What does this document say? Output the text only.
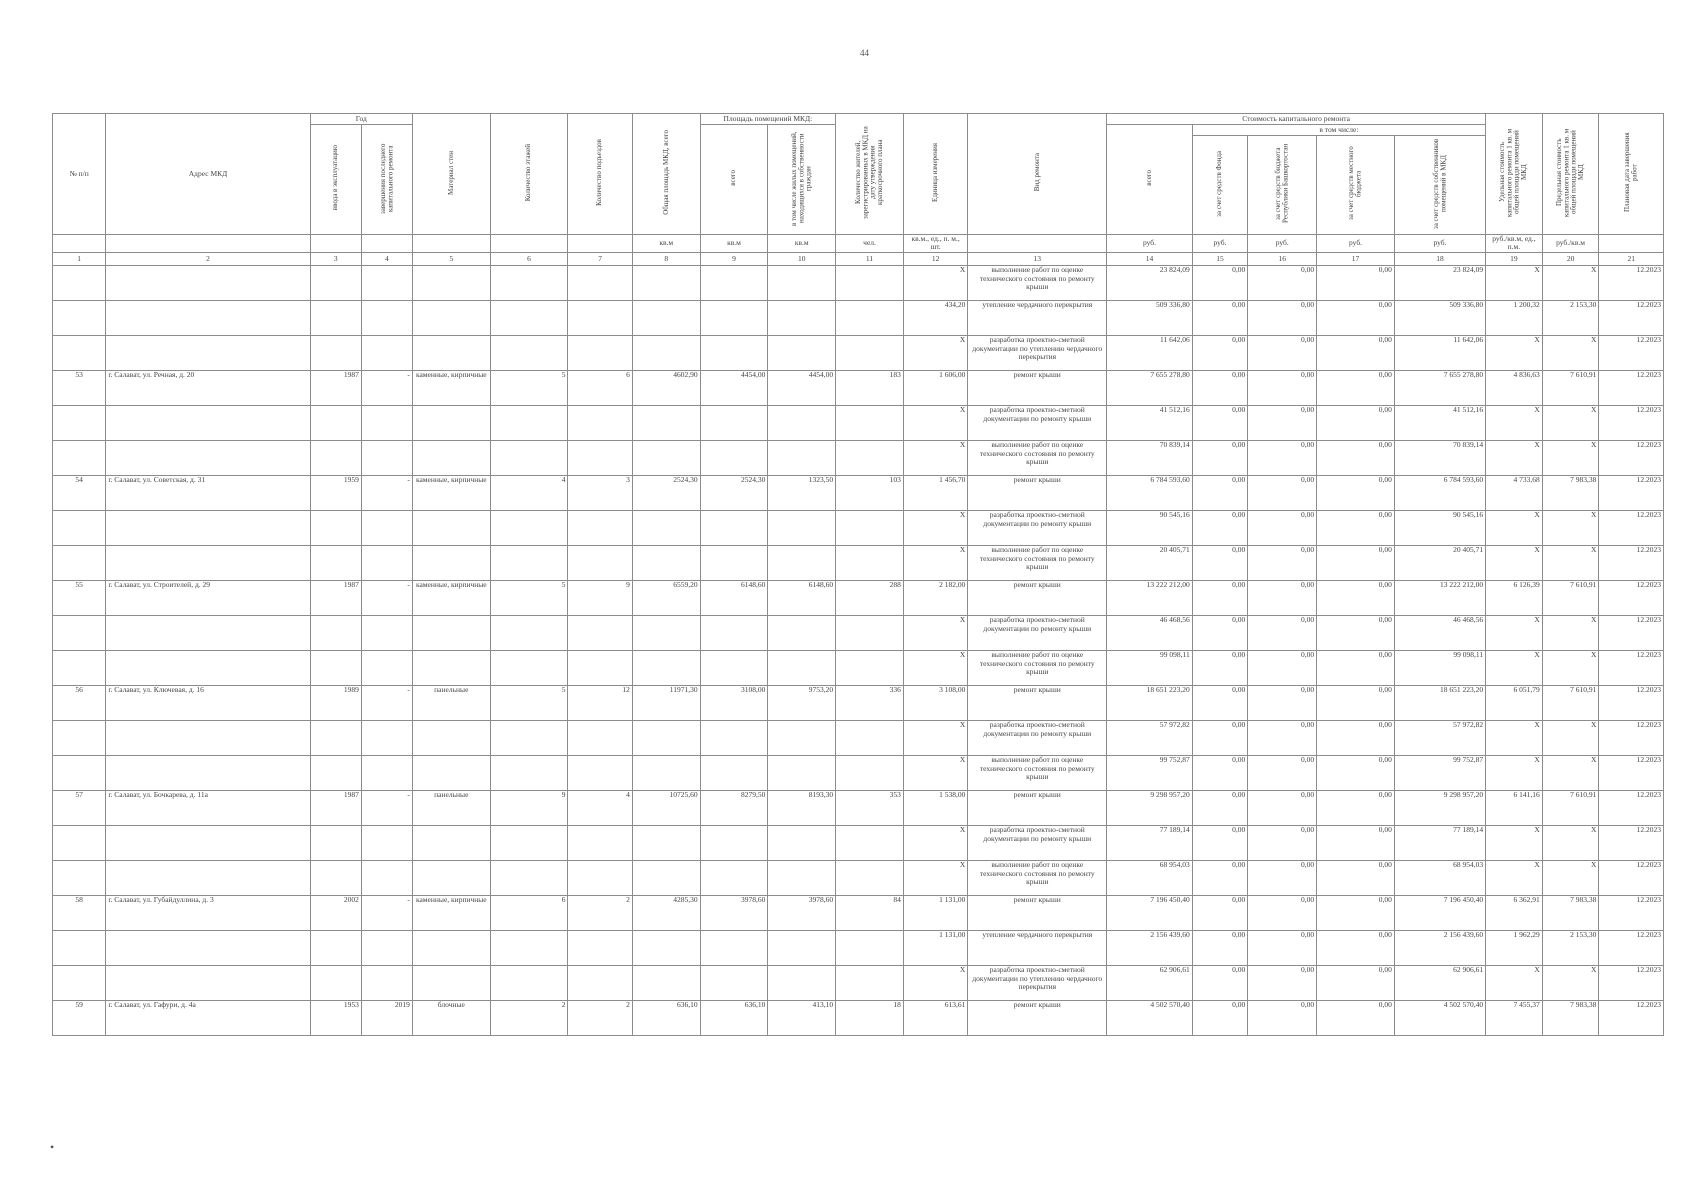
44
•
№ п/п	Адрес МКД	Год		Материал стен	Количество этажей	Количество подъездов	Общая площадь МКД, всего	Площадь помещений МКД:		Количество жителей, зарегистрированных в МКД на дату утверждения краткосрочного плана	Единица измерения	Вид ремонта	Стоимость капитального ремонта					Удельная стоимость капитального ремонта 1 кв. м общей площади помещений МКД	Предельная стоимость капитального ремонта 1 кв. м общей площади помещений МКД	Плановая дата завершения работ
		ввода в эксплуатацию	завершения последнего капитального ремонта					всего	в том числе жилых помещений, находящихся в собственности граждан				всего	в том числе:						
														за счет средств Фонда	за счет средств бюджета Республики Башкортостан	за счет средств местного бюджета	за счет средств собственников помещений в МКД			
							кв.м	кв.м	кв.м	чел.	кв.м., ед., п. м., шт.		руб.	руб.	руб.	руб.	руб.	руб./кв.м, ед., п.м.	руб./кв.м	
1	2	3	4	5	6	7	8	9	10	11	12	13	14	15	16	17	18	19	20	21
											X	выполнение работ по оценке технического состояния по ремонту крыши	23 824,09	0,00	0,00	0,00	23 824,09	X	X	12.2023
											434,20	утепление чердачного перекрытия	509 336,80	0,00	0,00	0,00	509 336,80	1 200,32	2 153,30	12.2023
											X	разработка проектно-сметной документации по утеплению чердачного перекрытия	11 642,06	0,00	0,00	0,00	11 642,06	X	X	12.2023
53	г. Салават, ул. Речная, д. 20	1987	-	каменные, кирпичные	5	6	4602,90	4454,00	4454,00	183	1 606,00	ремонт крыши	7 655 278,80	0,00	0,00	0,00	7 655 278,80	4 836,63	7 610,91	12.2023
											X	разработка проектно-сметной документации по ремонту крыши	41 512,16	0,00	0,00	0,00	41 512,16	X	X	12.2023
											X	выполнение работ по оценке технического состояния по ремонту крыши	70 839,14	0,00	0,00	0,00	70 839,14	X	X	12.2023
54	г. Салават, ул. Советская, д. 31	1959	-	каменные, кирпичные	4	3	2524,30	2524,30	1323,50	103	1 456,70	ремонт крыши	6 784 593,60	0,00	0,00	0,00	6 784 593,60	4 733,68	7 983,38	12.2023
											X	разработка проектно-сметной документации по ремонту крыши	90 545,16	0,00	0,00	0,00	90 545,16	X	X	12.2023
											X	выполнение работ по оценке технического состояния по ремонту крыши	20 405,71	0,00	0,00	0,00	20 405,71	X	X	12.2023
55	г. Салават, ул. Строителей, д. 29	1987	-	каменные, кирпичные	5	9	6559,20	6148,60	6148,60	288	2 182,00	ремонт крыши	13 222 212,00	0,00	0,00	0,00	13 222 212,00	6 126,39	7 610,91	12.2023
											X	разработка проектно-сметной документации по ремонту крыши	46 468,56	0,00	0,00	0,00	46 468,56	X	X	12.2023
											X	выполнение работ по оценке технического состояния по ремонту крыши	99 098,11	0,00	0,00	0,00	99 098,11	X	X	12.2023
56	г. Салават, ул. Ключевая, д. 16	1989	-	панельные	5	12	11971,30	3108,00	9753,20	336	3 108,00	ремонт крыши	18 651 223,20	0,00	0,00	0,00	18 651 223,20	6 051,79	7 610,91	12.2023
											X	разработка проектно-сметной документации по ремонту крыши	57 972,82	0,00	0,00	0,00	57 972,82	X	X	12.2023
											X	выполнение работ по оценке технического состояния по ремонту крыши	99 752,87	0,00	0,00	0,00	99 752,87	X	X	12.2023
57	г. Салават, ул. Бочкарева, д. 11а	1987	-	панельные	9	4	10725,60	8279,50	8193,30	353	1 538,00	ремонт крыши	9 298 957,20	0,00	0,00	0,00	9 298 957,20	6 141,16	7 610,91	12.2023
											X	разработка проектно-сметной документации по ремонту крыши	77 189,14	0,00	0,00	0,00	77 189,14	X	X	12.2023
											X	выполнение работ по оценке технического состояния по ремонту крыши	68 954,03	0,00	0,00	0,00	68 954,03	X	X	12.2023
58	г. Салават, ул. Губайдуллина, д. 3	2002	-	каменные, кирпичные	6	2	4285,30	3978,60	3978,60	84	1 131,00	ремонт крыши	7 196 450,40	0,00	0,00	0,00	7 196 450,40	6 362,91	7 983,38	12.2023
											1 131,00	утепление чердачного перекрытия	2 156 439,60	0,00	0,00	0,00	2 156 439,60	1 962,29	2 153,30	12.2023
											X	разработка проектно-сметной документации по утеплению чердачного перекрытия	62 906,61	0,00	0,00	0,00	62 906,61	X	X	12.2023
59	г. Салават, ул. Гафури, д. 4а	1953	2019	блочные	2	2	636,10	636,10	413,10	18	613,61	ремонт крыши	4 502 570,40	0,00	0,00	0,00	4 502 570,40	7 455,37	7 983,38	12.2023
